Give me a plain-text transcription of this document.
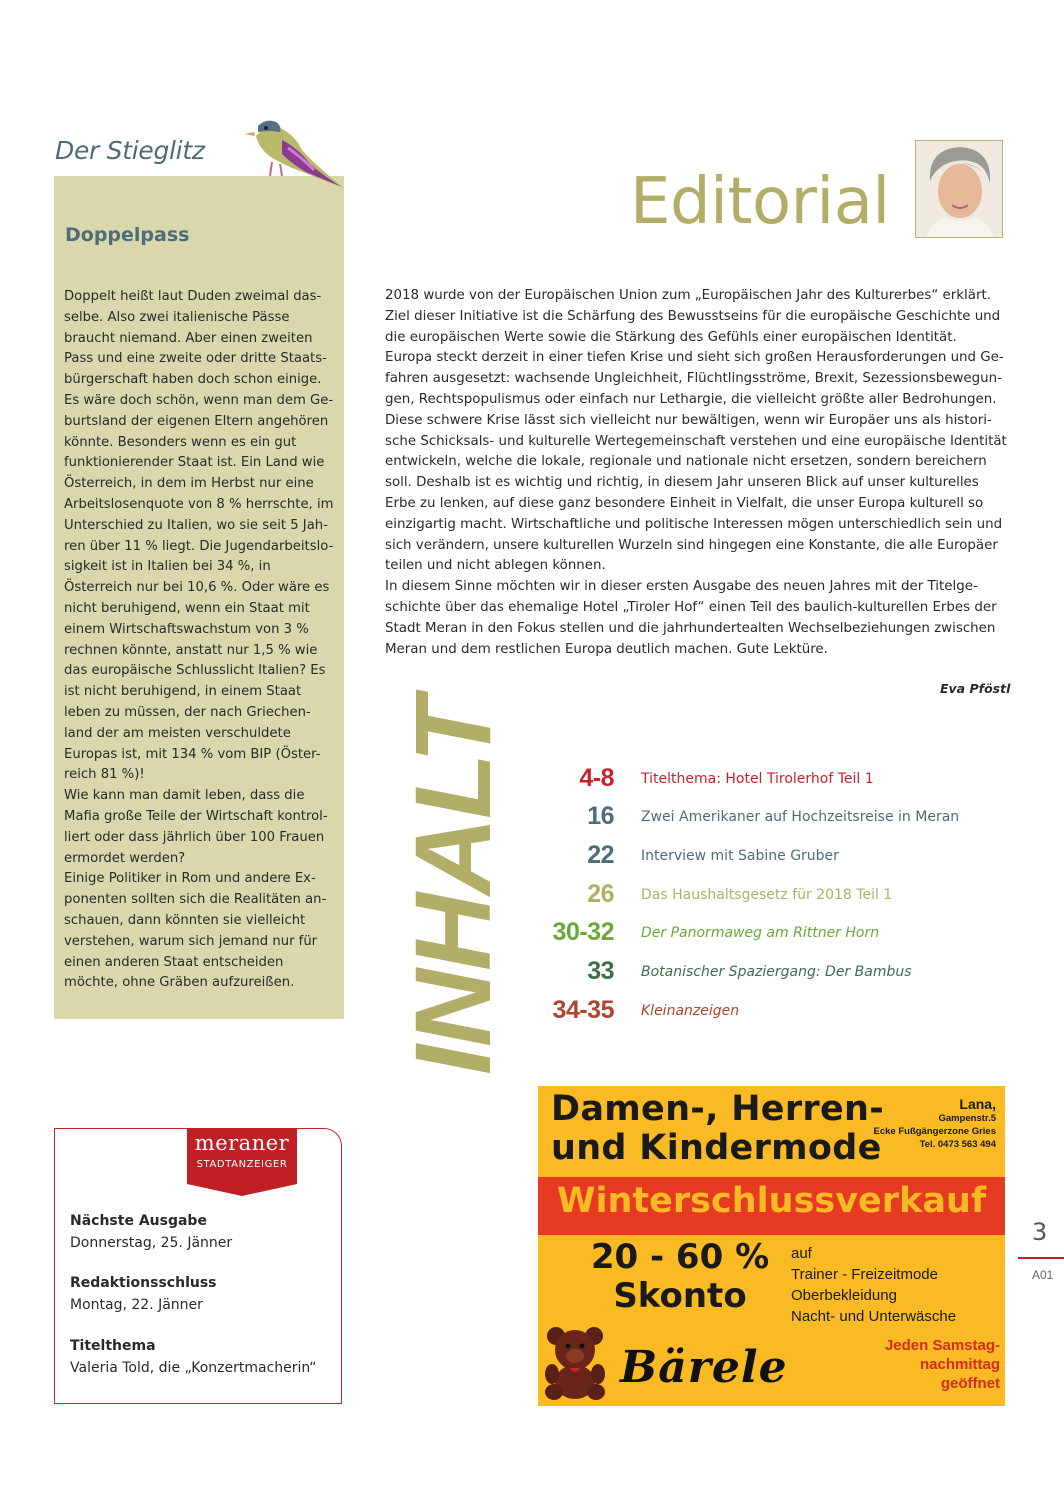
Der Stieglitz
Doppelpass
Doppelt heißt laut Duden zweimal das-
selbe. Also zwei italienische Pässe
braucht niemand. Aber einen zweiten
Pass und eine zweite oder dritte Staats-
bürgerschaft haben doch schon einige.
Es wäre doch schön, wenn man dem Ge-
burtsland der eigenen Eltern angehören
könnte. Besonders wenn es ein gut
funktionierender Staat ist. Ein Land wie
Österreich, in dem im Herbst nur eine
Arbeitslosenquote von 8 % herrschte, im
Unterschied zu Italien, wo sie seit 5 Jah-
ren über 11 % liegt. Die Jugendarbeitslo-
sigkeit ist in Italien bei 34 %, in
Österreich nur bei 10,6 %. Oder wäre es
nicht beruhigend, wenn ein Staat mit
einem Wirtschaftswachstum von 3 %
rechnen könnte, anstatt nur 1,5 % wie
das europäische Schlusslicht Italien? Es
ist nicht beruhigend, in einem Staat
leben zu müssen, der nach Griechen-
land der am meisten verschuldete
Europas ist, mit 134 % vom BIP (Öster-
reich 81 %)!
Wie kann man damit leben, dass die
Mafia große Teile der Wirtschaft kontrol-
liert oder dass jährlich über 100 Frauen
ermordet werden?
Einige Politiker in Rom und andere Ex-
ponenten sollten sich die Realitäten an-
schauen, dann könnten sie vielleicht
verstehen, warum sich jemand nur für
einen anderen Staat entscheiden
möchte, ohne Gräben aufzureißen.
meraner
STADTANZEIGER
Nächste Ausgabe
Donnerstag, 25. Jänner
Redaktionsschluss
Montag, 22. Jänner
Titelthema
Valeria Told, die „Konzertmacherin“
Editorial
2018 wurde von der Europäischen Union zum „Europäischen Jahr des Kulturerbes“ erklärt.
Ziel dieser Initiative ist die Schärfung des Bewusstseins für die europäische Geschichte und
die europäischen Werte sowie die Stärkung des Gefühls einer europäischen Identität.
Europa steckt derzeit in einer tiefen Krise und sieht sich großen Herausforderungen und Ge-
fahren ausgesetzt: wachsende Ungleichheit, Flüchtlingsströme, Brexit, Sezessionsbewegun-
gen, Rechtspopulismus oder einfach nur Lethargie, die vielleicht größte aller Bedrohungen.
Diese schwere Krise lässt sich vielleicht nur bewältigen, wenn wir Europäer uns als histori-
sche Schicksals- und kulturelle Wertegemeinschaft verstehen und eine europäische Identität
entwickeln, welche die lokale, regionale und nationale nicht ersetzen, sondern bereichern
soll. Deshalb ist es wichtig und richtig, in diesem Jahr unseren Blick auf unser kulturelles
Erbe zu lenken, auf diese ganz besondere Einheit in Vielfalt, die unser Europa kulturell so
einzigartig macht. Wirtschaftliche und politische Interessen mögen unterschiedlich sein und
sich verändern, unsere kulturellen Wurzeln sind hingegen eine Konstante, die alle Europäer
teilen und nicht ablegen können.
In diesem Sinne möchten wir in dieser ersten Ausgabe des neuen Jahres mit der Titelge-
schichte über das ehemalige Hotel „Tiroler Hof“ einen Teil des baulich-kulturellen Erbes der
Stadt Meran in den Fokus stellen und die jahrhundertealten Wechselbeziehungen zwischen
Meran und dem restlichen Europa deutlich machen. Gute Lektüre.
Eva Pföstl
INHALT	4-8 Titelthema: Hotel Tirolerhof Teil 1
16 Zwei Amerikaner auf Hochzeitsreise in Meran
22 Interview mit Sabine Gruber
26 Das Haushaltsgesetz für 2018 Teil 1
30-32 Der Panormaweg am Rittner Horn
33 Botanischer Spaziergang: Der Bambus
34-35 Kleinanzeigen
Damen-, Herren-
und Kindermode
Lana,
Gampenstr.5
Ecke Fußgängerzone Gries
Tel. 0473 563 494
Winterschlussverkauf
20 - 60 %
Skonto
auf
Trainer - Freizeitmode
Oberbekleidung
Nacht- und Unterwäsche
Bärele	Jeden Samstag-
nachmittag
geöffnet
3
A01
